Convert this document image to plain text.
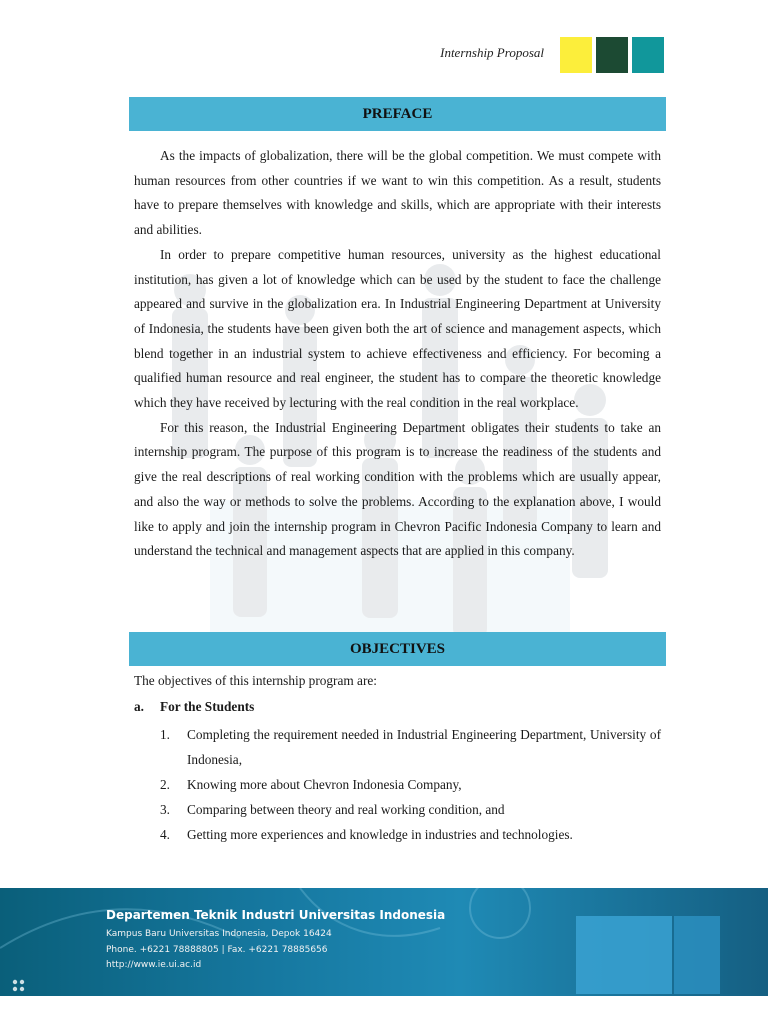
Internship Proposal
PREFACE

As the impacts of globalization, there will be the global competition. We must compete with human resources from other countries if we want to win this competition. As a result, students have to prepare themselves with knowledge and skills, which are appropriate with their interests and abilities.

In order to prepare competitive human resources, university as the highest educational institution, has given a lot of knowledge which can be used by the student to face the challenge appeared and survive in the globalization era. In Industrial Engineering Department at University of Indonesia, the students have been given both the art of science and management aspects, which blend together in an industrial system to achieve effectiveness and efficiency. For becoming a qualified human resource and real engineer, the student has to compare the theoretic knowledge which they have received by lecturing with the real condition in the real workplace.

For this reason, the Industrial Engineering Department obligates their students to take an internship program. The purpose of this program is to increase the readiness of the students and give the real descriptions of real working condition with the problems which are usually appear, and also the way or methods to solve the problems. According to the explanation above, I would like to apply and join the internship program in Chevron Pacific Indonesia Company to learn and understand the technical and management aspects that are applied in this company.

OBJECTIVES
The objectives of this internship program are:
a. For the Students
1.	Completing the requirement needed in Industrial Engineering Department, University of Indonesia,
2.	Knowing more about Chevron Indonesia Company,
3.	Comparing between theory and real working condition, and
4.	Getting more experiences and knowledge in industries and technologies.
Departemen Teknik Industri Universitas Indonesia
Kampus Baru Universitas Indonesia, Depok 16424
Phone. +6221 78888805 | Fax. +6221 78885656
http://www.ie.ui.ac.id
